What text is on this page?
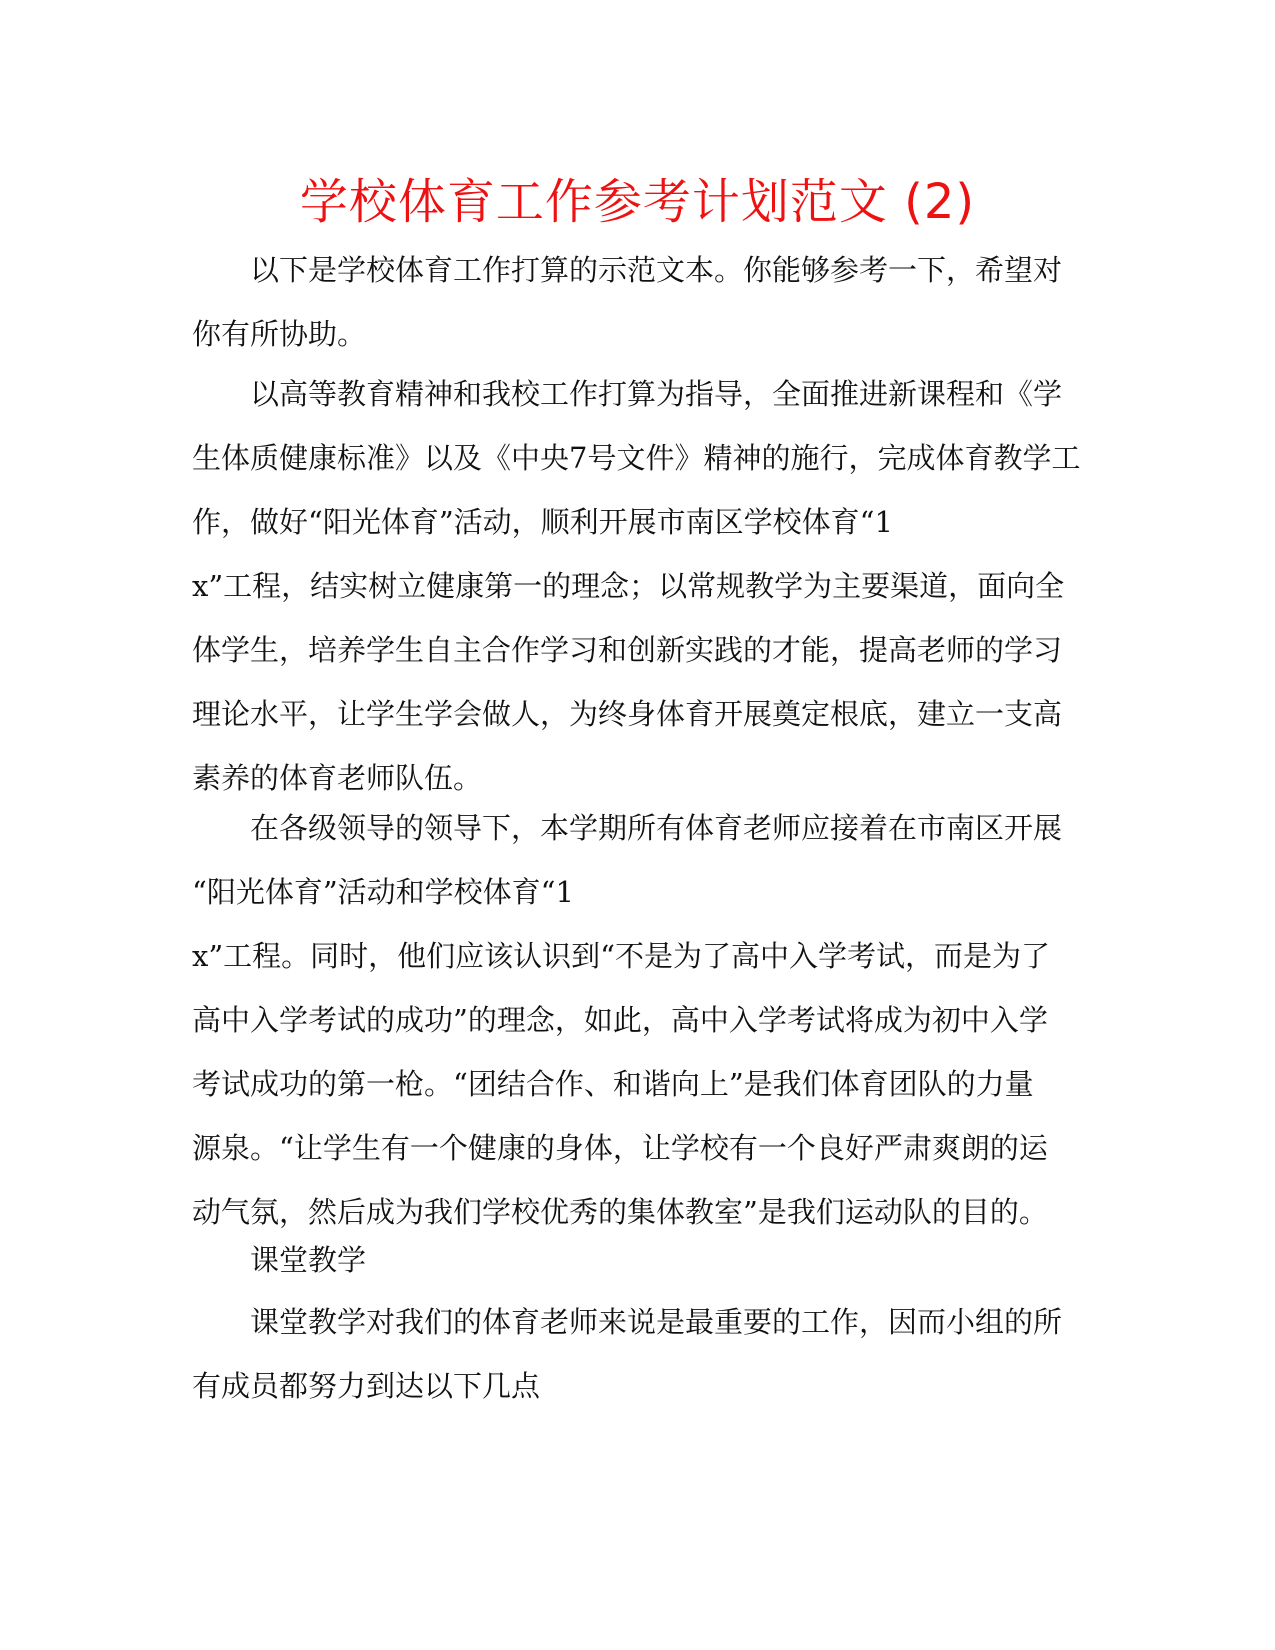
学校体育工作参考计划范文 (2)
以下是学校体育工作打算的示范文本。你能够参考一下，希望对
你有所协助。
以高等教育精神和我校工作打算为指导，全面推进新课程和《学
生体质健康标准》以及《中央7号文件》精神的施行，完成体育教学工
作，做好“阳光体育”活动，顺利开展市南区学校体育“1
x”工程，结实树立健康第一的理念；以常规教学为主要渠道，面向全
体学生，培养学生自主合作学习和创新实践的才能，提高老师的学习
理论水平，让学生学会做人，为终身体育开展奠定根底，建立一支高
素养的体育老师队伍。
在各级领导的领导下，本学期所有体育老师应接着在市南区开展
“阳光体育”活动和学校体育“1
x”工程。同时，他们应该认识到“不是为了高中入学考试，而是为了
高中入学考试的成功”的理念，如此，高中入学考试将成为初中入学
考试成功的第一枪。“团结合作、和谐向上”是我们体育团队的力量
源泉。“让学生有一个健康的身体，让学校有一个良好严肃爽朗的运
动气氛，然后成为我们学校优秀的集体教室”是我们运动队的目的。
课堂教学
课堂教学对我们的体育老师来说是最重要的工作，因而小组的所
有成员都努力到达以下几点
